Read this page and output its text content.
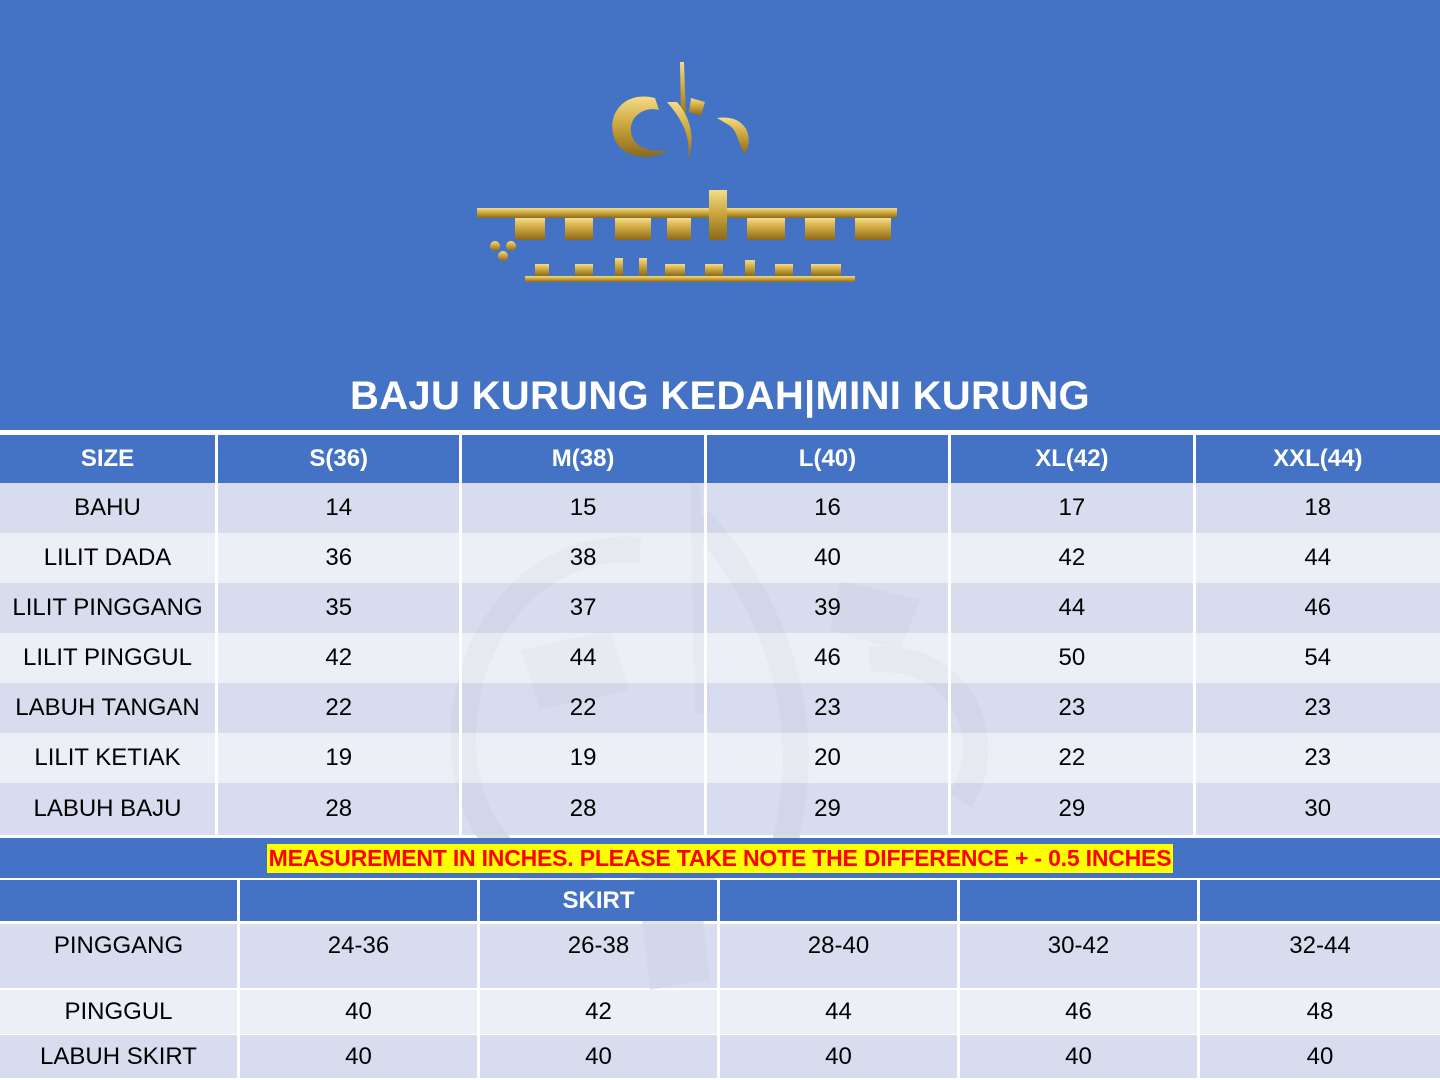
BAJU KURUNG KEDAH|MINI KURUNG
SIZE	S(36)	M(38)	L(40)	XL(42)	XXL(44)
BAHU	14	15	16	17	18
LILIT DADA	36	38	40	42	44
LILIT PINGGANG	35	37	39	44	46
LILIT PINGGUL	42	44	46	50	54
LABUH TANGAN	22	22	23	23	23
LILIT KETIAK	19	19	20	22	23
LABUH BAJU	28	28	29	29	30
MEASUREMENT IN INCHES. PLEASE TAKE NOTE THE DIFFERENCE + - 0.5 INCHES
SKIRT
PINGGANG	24-36	26-38	28-40	30-42	32-44
PINGGUL	40	42	44	46	48
LABUH SKIRT	40	40	40	40	40
